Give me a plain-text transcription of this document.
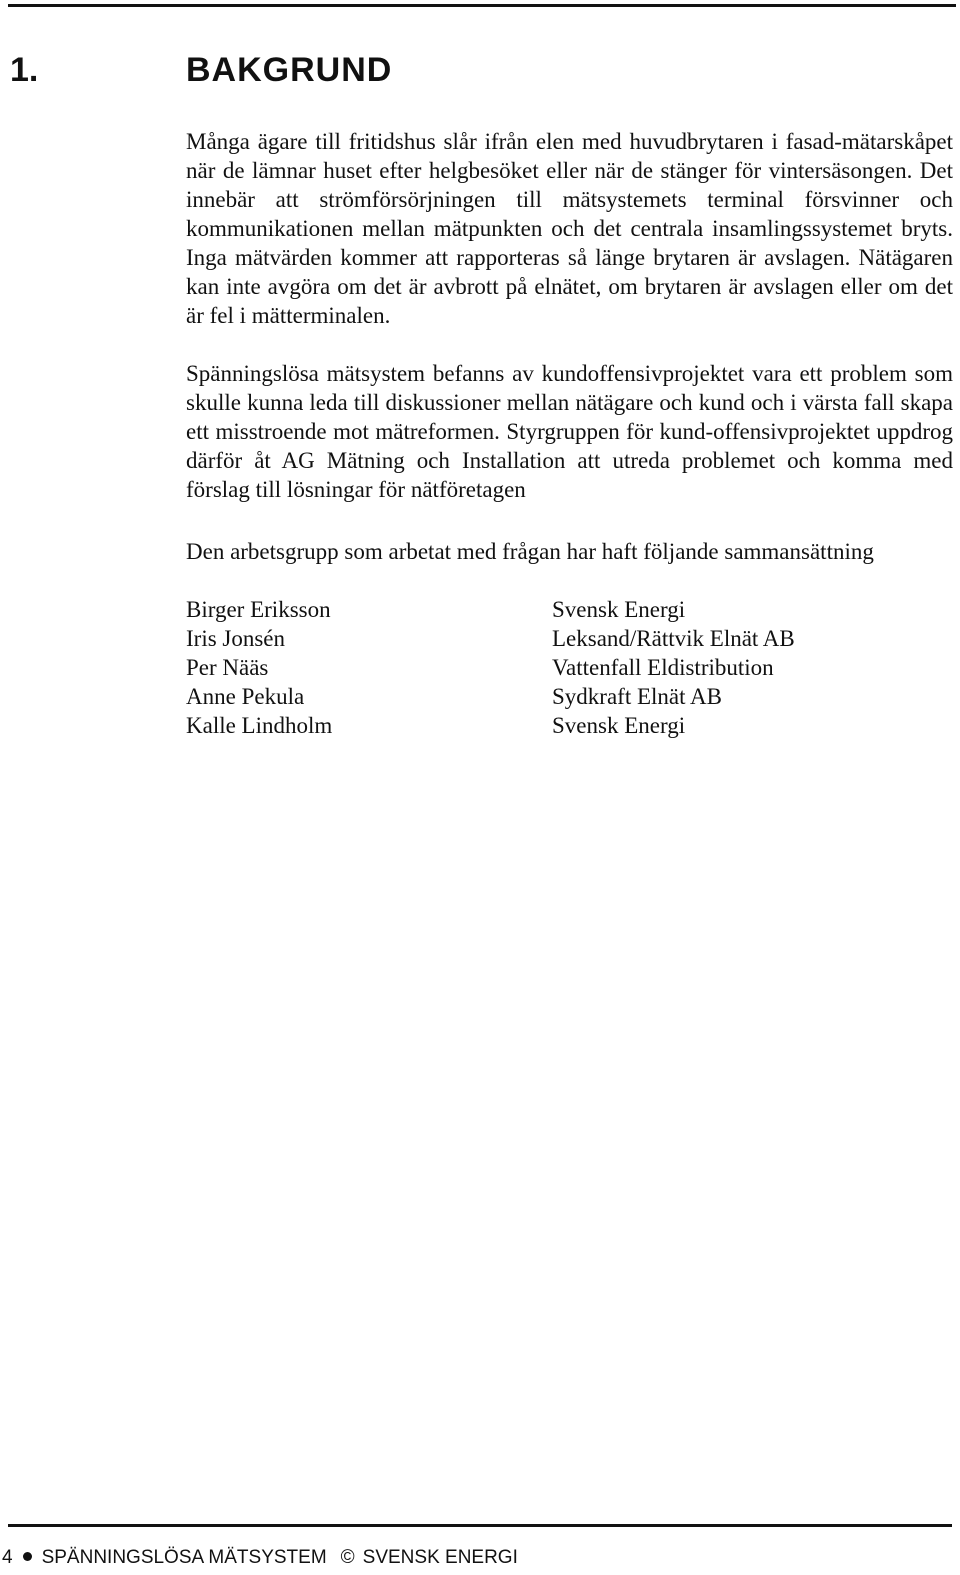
1.	BAKGRUND

Många ägare till fritidshus slår ifrån elen med huvudbrytaren i fasad-mätarskåpet när de lämnar huset efter helgbesöket eller när de stänger för vintersäsongen. Det innebär att strömförsörjningen till mätsystemets terminal försvinner och kommunikationen mellan mätpunkten och det centrala insamlingssystemet bryts. Inga mätvärden kommer att rapporteras så länge brytaren är avslagen. Nätägaren kan inte avgöra om det är avbrott på elnätet, om brytaren är avslagen eller om det är fel i mätterminalen.

Spänningslösa mätsystem befanns av kundoffensivprojektet vara ett problem som skulle kunna leda till diskussioner mellan nätägare och kund och i värsta fall skapa ett misstroende mot mätreformen. Styrgruppen för kund-offensivprojektet uppdrog därför åt AG Mätning och Installation att utreda problemet och komma med förslag till lösningar för nätföretagen

Den arbetsgrupp som arbetat med frågan har haft följande sammansättning

Birger Eriksson	Svensk Energi
Iris Jonsén	Leksand/Rättvik Elnät AB
Per Nääs	Vattenfall Eldistribution
Anne Pekula	Sydkraft Elnät AB
Kalle Lindholm	Svensk Energi
4 SPÄNNINGSLÖSA MÄTSYSTEM © SVENSK ENERGI
